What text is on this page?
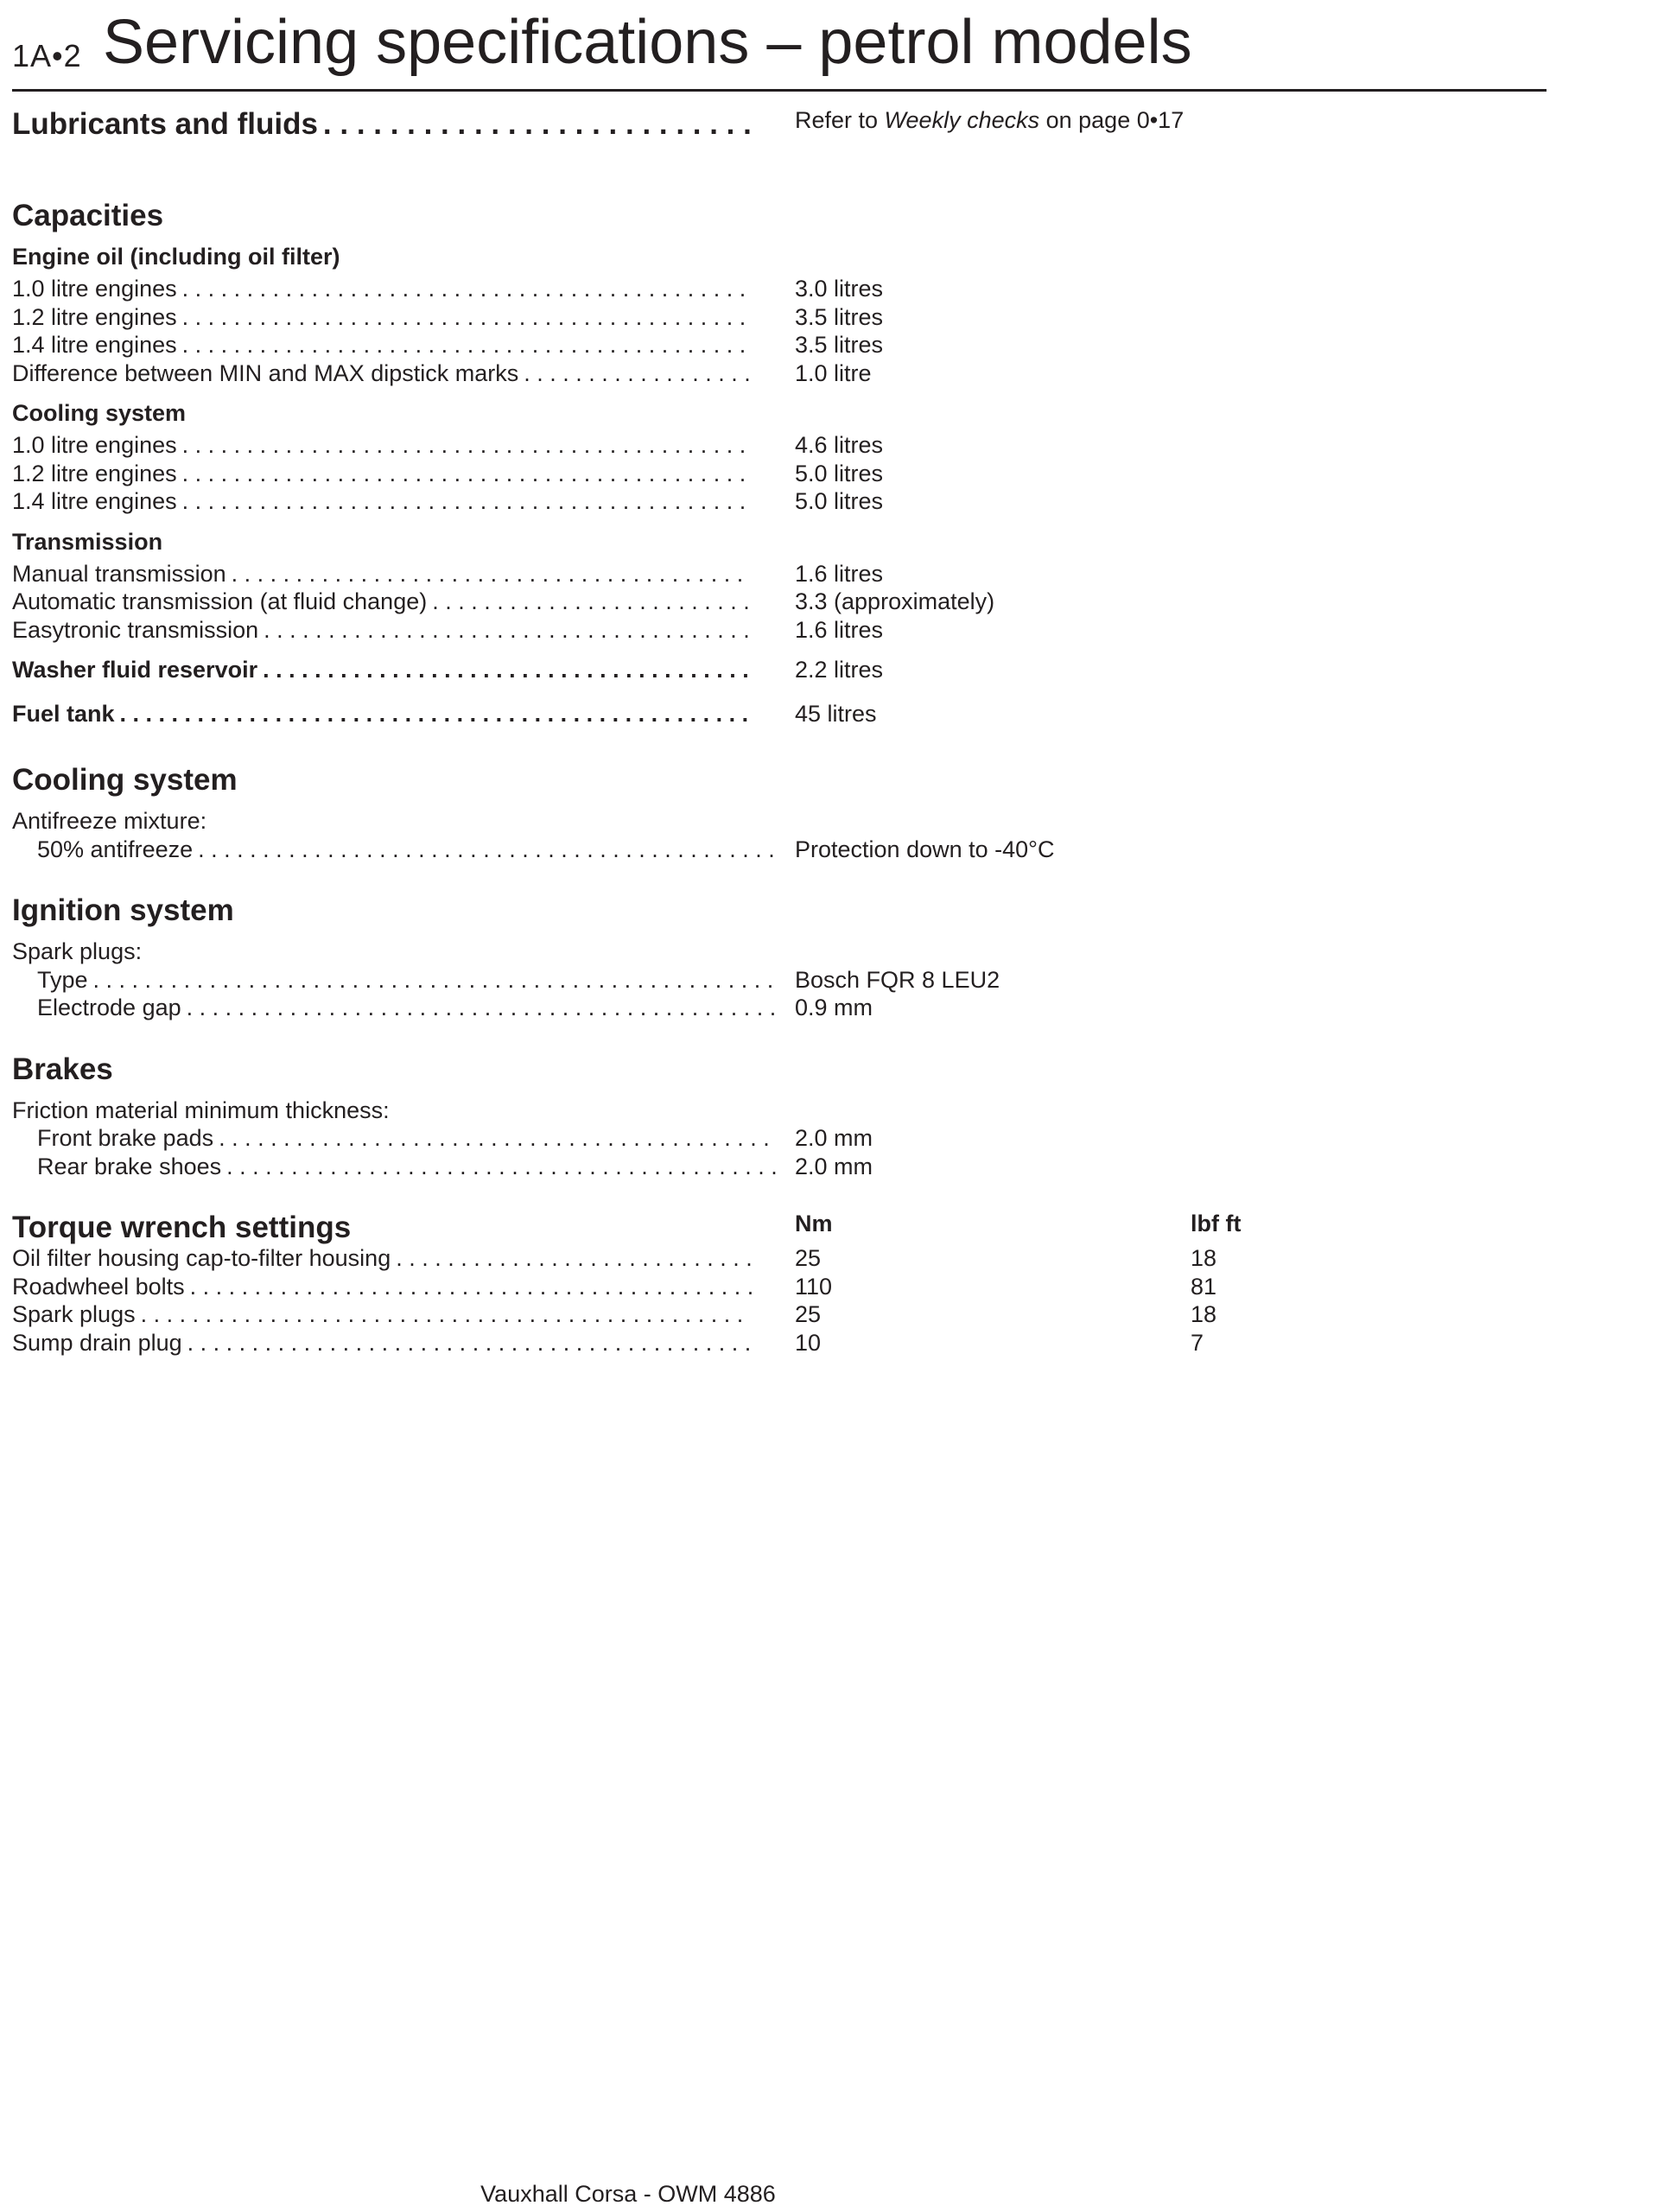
1A•2 Servicing specifications – petrol models
Lubricants and fluids . . .	Refer to Weekly checks on page 0•17
Capacities
Engine oil (including oil filter)
1.0 litre engines . . .	3.0 litres
1.2 litre engines . . .	3.5 litres
1.4 litre engines . . .	3.5 litres
Difference between MIN and MAX dipstick marks . . .	1.0 litre
Cooling system
1.0 litre engines . . .	4.6 litres
1.2 litre engines . . .	5.0 litres
1.4 litre engines . . .	5.0 litres
Transmission
Manual transmission . . .	1.6 litres
Automatic transmission (at fluid change) . . .	3.3 (approximately)
Easytronic transmission . . .	1.6 litres
Washer fluid reservoir . . .	2.2 litres
Fuel tank . . .	45 litres
Cooling system
Antifreeze mixture:
50% antifreeze . . .	Protection down to -40°C
Ignition system
Spark plugs:
Type . . .	Bosch FQR 8 LEU2
Electrode gap . . .	0.9 mm
Brakes
Friction material minimum thickness:
Front brake pads . . .	2.0 mm
Rear brake shoes . . .	2.0 mm
Torque wrench settings	Nm	lbf ft
Oil filter housing cap-to-filter housing . . .	25	18
Roadwheel bolts . . .	110	81
Spark plugs . . .	25	18
Sump drain plug . . .	10	7
Vauxhall Corsa - OWM 4886
